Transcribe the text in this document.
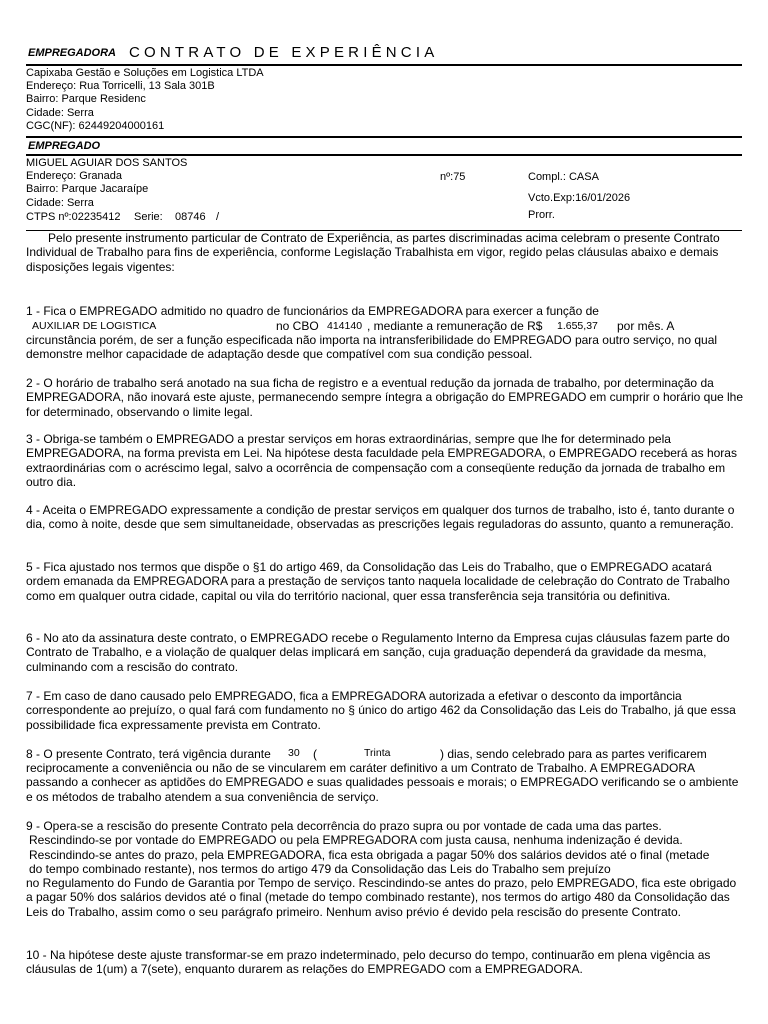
EMPREGADORA CONTRATO DE EXPERIÊNCIA
Capixaba Gestão e Soluções em Logistica LTDA
Endereço: Rua Torricelli, 13 Sala 301B
Bairro: Parque Residenc
Cidade: Serra
CGC(NF): 62449204000161
EMPREGADO
MIGUEL AGUIAR DOS SANTOS
Endereço: Granada
Bairro: Parque Jacaraípe
Cidade: Serra
CTPS nº:02235412 Serie: 08746 /
nº:75	Compl.: CASA
Vcto.Exp:16/01/2026
Prorr.
Pelo presente instrumento particular de Contrato de Experiência, as partes discriminadas acima celebram o presente Contrato Individual de Trabalho para fins de experiência, conforme Legislação Trabalhista em vigor, regido pelas cláusulas abaixo e demais disposições legais vigentes:

1 - Fica o EMPREGADO admitido no quadro de funcionários da EMPREGADORA para exercer a função de

AUXILIAR DE LOGISTICA	no CBO 414140 , mediante a remuneração de R$ 1.655,37 por mês. A
circunstância porém, de ser a função especificada não importa na intransferibilidade do EMPREGADO para outro serviço, no qual demonstre melhor capacidade de adaptação desde que compatível com sua condição pessoal.
2 - O horário de trabalho será anotado na sua ficha de registro e a eventual redução da jornada de trabalho, por determinação da EMPREGADORA, não inovará este ajuste, permanecendo sempre íntegra a obrigação do EMPREGADO em cumprir o horário que lhe for determinado, observando o limite legal.
3 - Obriga-se também o EMPREGADO a prestar serviços em horas extraordinárias, sempre que lhe for determinado pela EMPREGADORA, na forma prevista em Lei. Na hipótese desta faculdade pela EMPREGADORA, o EMPREGADO receberá as horas extraordinárias com o acréscimo legal, salvo a ocorrência de compensação com a conseqüente redução da jornada de trabalho em outro dia.
4 - Aceita o EMPREGADO expressamente a condição de prestar serviços em qualquer dos turnos de trabalho, isto é, tanto durante o dia, como à noite, desde que sem simultaneidade, observadas as prescrições legais reguladoras do assunto, quanto a remuneração.
5 - Fica ajustado nos termos que dispõe o §1 do artigo 469, da Consolidação das Leis do Trabalho, que o EMPREGADO acatará ordem emanada da EMPREGADORA para a prestação de serviços tanto naquela localidade de celebração do Contrato de Trabalho como em qualquer outra cidade, capital ou vila do território nacional, quer essa transferência seja transitória ou definitiva.
6 - No ato da assinatura deste contrato, o EMPREGADO recebe o Regulamento Interno da Empresa cujas cláusulas fazem parte do Contrato de Trabalho, e a violação de qualquer delas implicará em sanção, cuja graduação dependerá da gravidade da mesma, culminando com a rescisão do contrato.
7 - Em caso de dano causado pelo EMPREGADO, fica a EMPREGADORA autorizada a efetivar o desconto da importância correspondente ao prejuízo, o qual fará com fundamento no § único do artigo 462 da Consolidação das Leis do Trabalho, já que essa possibilidade fica expressamente prevista em Contrato.
8 - O presente Contrato, terá vigência durante 30 (	Trinta	) dias, sendo celebrado para as partes verificarem
reciprocamente a conveniência ou não de se vincularem em caráter definitivo a um Contrato de Trabalho. A EMPREGADORA passando a conhecer as aptidões do EMPREGADO e suas qualidades pessoais e morais; o EMPREGADO verificando se o ambiente e os métodos de trabalho atendem a sua conveniência de serviço.

9 - Opera-se a rescisão do presente Contrato pela decorrência do prazo supra ou por vontade de cada uma das partes.

Rescindindo-se por vontade do EMPREGADO ou pela EMPREGADORA com justa causa, nenhuma indenização é devida.

Rescindindo-se antes do prazo, pela EMPREGADORA, fica esta obrigada a pagar 50% dos salários devidos até o final (metade

do tempo combinado restante), nos termos do artigo 479 da Consolidação das Leis do Trabalho sem prejuízo

no Regulamento do Fundo de Garantia por Tempo de serviço. Rescindindo-se antes do prazo, pelo EMPREGADO, fica este obrigado a pagar 50% dos salários devidos até o final (metade do tempo combinado restante), nos termos do artigo 480 da Consolidação das Leis do Trabalho, assim como o seu parágrafo primeiro. Nenhum aviso prévio é devido pela rescisão do presente Contrato.

10 - Na hipótese deste ajuste transformar-se em prazo indeterminado, pelo decurso do tempo, continuarão em plena vigência as cláusulas de 1(um) a 7(sete), enquanto durarem as relações do EMPREGADO com a EMPREGADORA.
